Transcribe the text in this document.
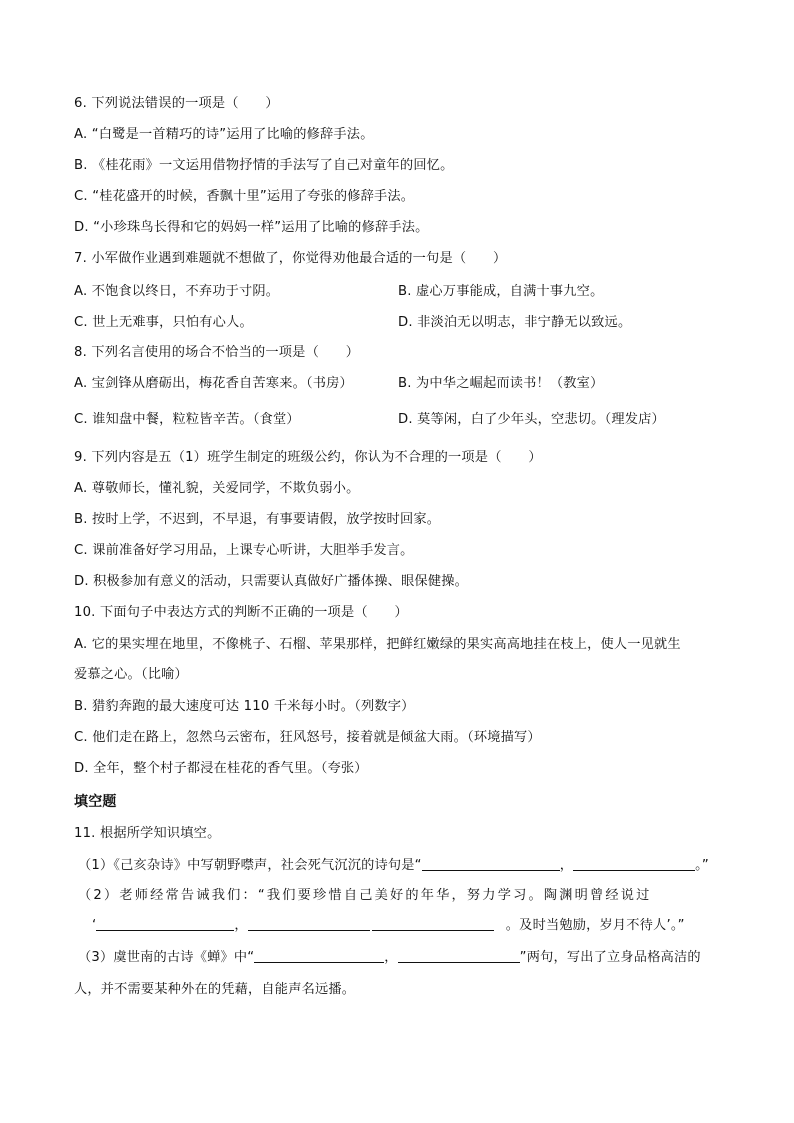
6. 下列说法错误的一项是（　　）
A. “白鹭是一首精巧的诗”运用了比喻的修辞手法。
B. 《桂花雨》一文运用借物抒情的手法写了自己对童年的回忆。
C. “桂花盛开的时候，香飘十里”运用了夸张的修辞手法。
D. “小珍珠鸟长得和它的妈妈一样”运用了比喻的修辞手法。
7. 小军做作业遇到难题就不想做了，你觉得劝他最合适的一句是（　　）
A. 不饱食以终日，不弃功于寸阴。	B. 虚心万事能成，自满十事九空。
C. 世上无难事，只怕有心人。	D. 非淡泊无以明志，非宁静无以致远。
8. 下列名言使用的场合不恰当的一项是（　　）
A. 宝剑锋从磨砺出，梅花香自苦寒来。（书房）	B. 为中华之崛起而读书！（教室）
C. 谁知盘中餐，粒粒皆辛苦。（食堂）	D. 莫等闲，白了少年头，空悲切。（理发店）
9. 下列内容是五（1）班学生制定的班级公约，你认为不合理的一项是（　　）
A. 尊敬师长，懂礼貌，关爱同学，不欺负弱小。
B. 按时上学，不迟到，不早退，有事要请假，放学按时回家。
C. 课前准备好学习用品，上课专心听讲，大胆举手发言。
D. 积极参加有意义的活动，只需要认真做好广播体操、眼保健操。
10. 下面句子中表达方式的判断不正确的一项是（　　）
A. 它的果实埋在地里，不像桃子、石榴、苹果那样，把鲜红嫩绿的果实高高地挂在枝上，使人一见就生
爱慕之心。（比喻）
B. 猎豹奔跑的最大速度可达 110 千米每小时。（列数字）
C. 他们走在路上，忽然乌云密布，狂风怒号，接着就是倾盆大雨。（环境描写）
D. 全年，整个村子都浸在桂花的香气里。（夸张）
填空题
11. 根据所学知识填空。
（1）《己亥杂诗》中写朝野噤声，社会死气沉沉的诗句是“	，	。”
（2）老师经常告诫我们：“我们要珍惜自己美好的年华，努力学习。陶渊明曾经说过
‘	，	。及时当勉励，岁月不待人’。”
（3）虞世南的古诗《蝉》中“	，	”两句，写出了立身品格高洁的
人，并不需要某种外在的凭藉，自能声名远播。
